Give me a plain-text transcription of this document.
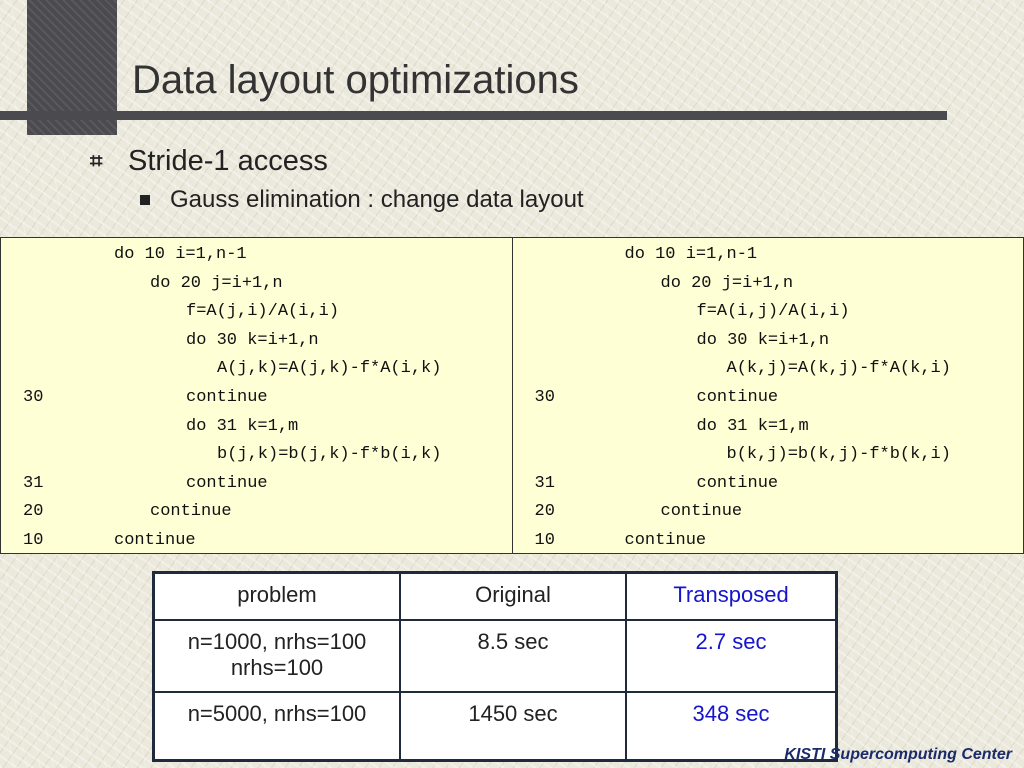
Data layout optimizations
⌗ Stride-1 access
Gauss elimination : change data layout
do 10 i=1,n-1
do 20 j=i+1,n
f=A(j,i)/A(i,i)
do 30 k=i+1,n
A(j,k)=A(j,k)-f*A(i,k)
30	continue
do 31 k=1,m
b(j,k)=b(j,k)-f*b(i,k)
31	continue
20	continue
10	continue
do 10 i=1,n-1
do 20 j=i+1,n
f=A(i,j)/A(i,i)
do 30 k=i+1,n
A(k,j)=A(k,j)-f*A(k,i)
30	continue
do 31 k=1,m
b(k,j)=b(k,j)-f*b(k,i)
31	continue
20	continue
10	continue
problem	Original	Transposed

n=1000, nrhs=100
nrhs=100	8.5 sec	2.7 sec

n=5000, nrhs=100	1450 sec	348 sec
KISTI Supercomputing Center
